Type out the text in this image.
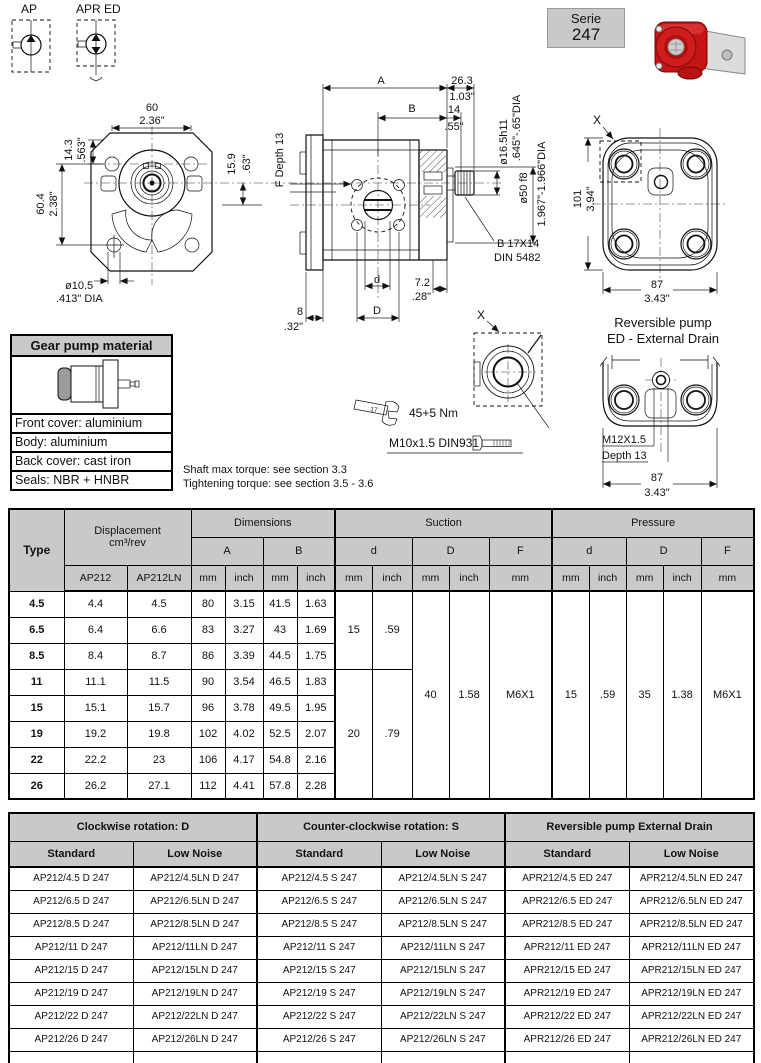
AP	APR ED
60
2.36"
14.3 .563"
60.4 2.38"
ø10.5
.413" DIA
15.9 .63"
A	26.3
1.03"
B	14
.55"	ø16.5h11 .645"-.65"DIA
ø50 f8 1.967"-1.966"DIA
B 17X14
DIN 5482
F Depth 13
d	7.2
.28"
8
.32"
D
X
101 3.94"
87
3.43"
X	Reversible pump
ED - External Drain
M12X1.5
Depth 13
87
3.43"
17	45+5 Nm
M10x1.5 DIN931
Shaft max torque: see section 3.3
Tightening torque: see section 3.5 - 3.6
Serie
247
Gear pump material
Front cover: aluminium
Body: aluminium
Back cover: cast iron
Seals: NBR + HNBR
Type	Displacement
cm³/rev		Dimensions				Suction					Pressure				
			A		B		d		D		F	d		D		F
	AP212	AP212LN	mm	inch	mm	inch	mm	inch	mm	inch	mm	mm	inch	mm	inch	mm
4.5	4.4	4.5	80	3.15	41.5	1.63	15	.59	40	1.58	M6X1	15	.59	35	1.38	M6X1
6.5	6.4	6.6	83	3.27	43	1.69										
8.5	8.4	8.7	86	3.39	44.5	1.75										
11	11.1	11.5	90	3.54	46.5	1.83	20	.79								
15	15.1	15.7	96	3.78	49.5	1.95										
19	19.2	19.8	102	4.02	52.5	2.07										
22	22.2	23	106	4.17	54.8	2.16										
26	26.2	27.1	112	4.41	57.8	2.28										
Clockwise rotation: D		Counter-clockwise rotation: S		Reversible pump External Drain	
Standard	Low Noise	Standard	Low Noise	Standard	Low Noise
AP212/4.5 D 247	AP212/4.5LN D 247	AP212/4.5 S 247	AP212/4.5LN S 247	APR212/4.5 ED 247	APR212/4.5LN ED 247
AP212/6.5 D 247	AP212/6.5LN D 247	AP212/6.5 S 247	AP212/6.5LN S 247	APR212/6.5 ED 247	APR212/6.5LN ED 247
AP212/8.5 D 247	AP212/8.5LN D 247	AP212/8.5 S 247	AP212/8.5LN S 247	APR212/8.5 ED 247	APR212/8.5LN ED 247
AP212/11 D 247	AP212/11LN D 247	AP212/11 S 247	AP212/11LN S 247	APR212/11 ED 247	APR212/11LN ED 247
AP212/15 D 247	AP212/15LN D 247	AP212/15 S 247	AP212/15LN S 247	APR212/15 ED 247	APR212/15LN ED 247
AP212/19 D 247	AP212/19LN D 247	AP212/19 S 247	AP212/19LN S 247	APR212/19 ED 247	APR212/19LN ED 247
AP212/22 D 247	AP212/22LN D 247	AP212/22 S 247	AP212/22LN S 247	APR212/22 ED 247	APR212/22LN ED 247
AP212/26 D 247	AP212/26LN D 247	AP212/26 S 247	AP212/26LN S 247	APR212/26 ED 247	APR212/26LN ED 247
